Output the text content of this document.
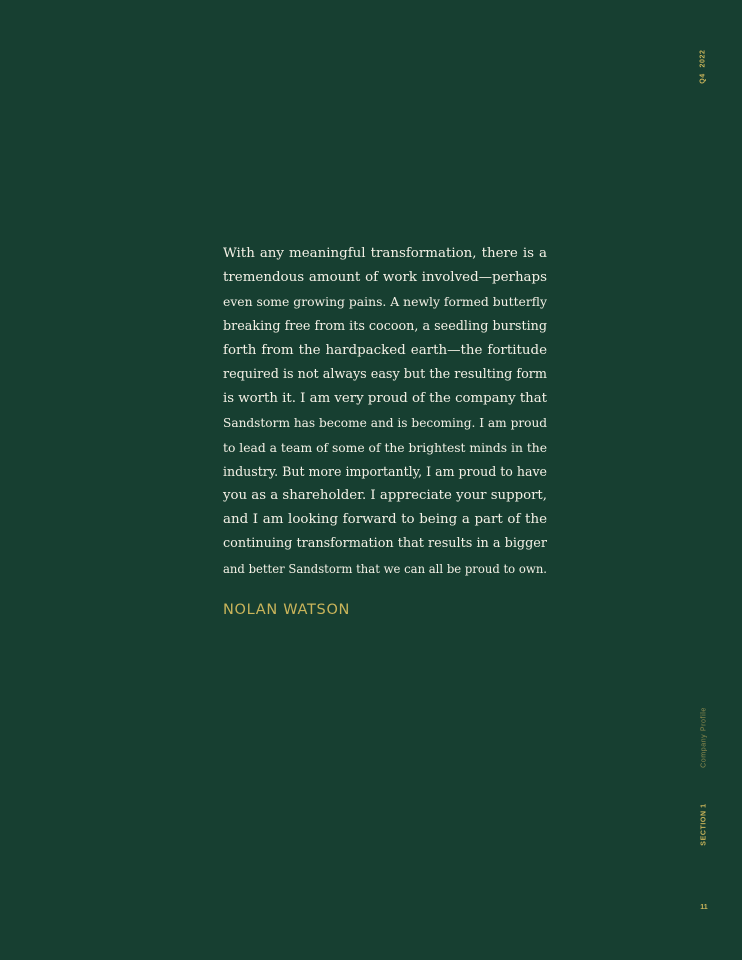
2022
Q4
With any meaningful transformation, there is a
tremendous amount of work involved—perhaps
even some growing pains. A newly formed butterfly
breaking free from its cocoon, a seedling bursting
forth from the hardpacked earth—the fortitude
required is not always easy but the resulting form
is worth it. I am very proud of the company that
Sandstorm has become and is becoming. I am proud
to lead a team of some of the brightest minds in the
industry. But more importantly, I am proud to have
you as a shareholder. I appreciate your support,
and I am looking forward to being a part of the
continuing transformation that results in a bigger
and better Sandstorm that we can all be proud to own.
NOLAN WATSON
Company Profile
SECTION 1
11
